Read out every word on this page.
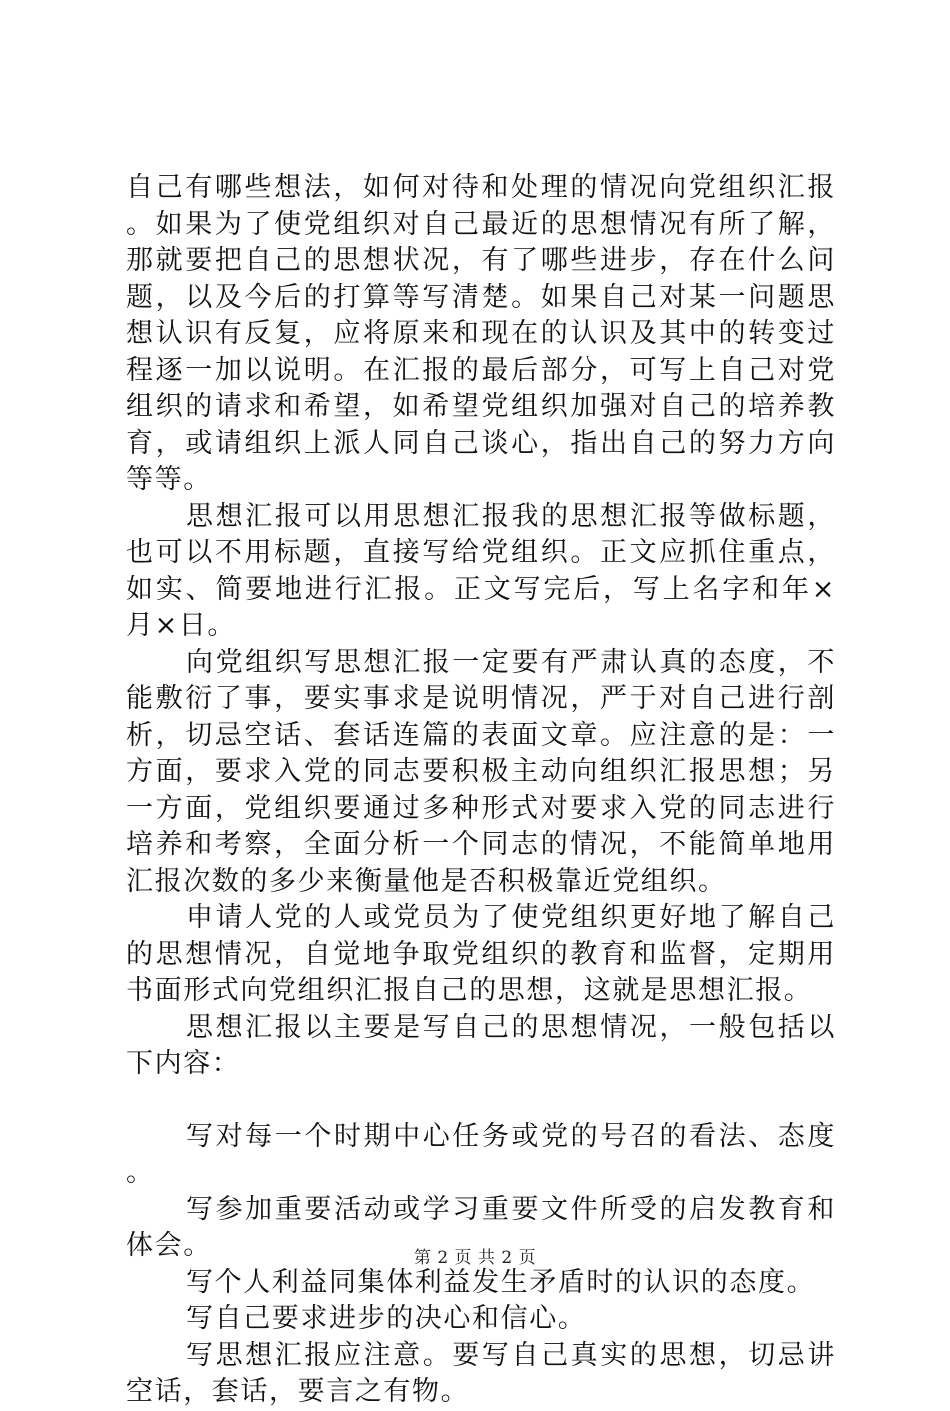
自己有哪些想法，如何对待和处理的情况向党组织汇报。如果为了使党组织对自己最近的思想情况有所了解，那就要把自己的思想状况，有了哪些进步，存在什么问题，以及今后的打算等写清楚。如果自己对某一问题思想认识有反复，应将原来和现在的认识及其中的转变过程逐一加以说明。在汇报的最后部分，可写上自己对党组织的请求和希望，如希望党组织加强对自己的培养教育，或请组织上派人同自己谈心，指出自己的努力方向等等。

思想汇报可以用思想汇报我的思想汇报等做标题，也可以不用标题，直接写给党组织。正文应抓住重点，如实、简要地进行汇报。正文写完后，写上名字和年×月×日。

向党组织写思想汇报一定要有严肃认真的态度，不能敷衍了事，要实事求是说明情况，严于对自己进行剖析，切忌空话、套话连篇的表面文章。应注意的是：一方面，要求入党的同志要积极主动向组织汇报思想；另一方面，党组织要通过多种形式对要求入党的同志进行培养和考察，全面分析一个同志的情况，不能简单地用汇报次数的多少来衡量他是否积极靠近党组织。

申请人党的人或党员为了使党组织更好地了解自己的思想情况，自觉地争取党组织的教育和监督，定期用书面形式向党组织汇报自己的思想，这就是思想汇报。

思想汇报以主要是写自己的思想情况，一般包括以下内容：

写对每一个时期中心任务或党的号召的看法、态度。

写参加重要活动或学习重要文件所受的启发教育和体会。

写个人利益同集体利益发生矛盾时的认识的态度。

写自己要求进步的决心和信心。

写思想汇报应注意。要写自己真实的思想，切忌讲空话，套话，要言之有物。

第 2 页 共 2 页
